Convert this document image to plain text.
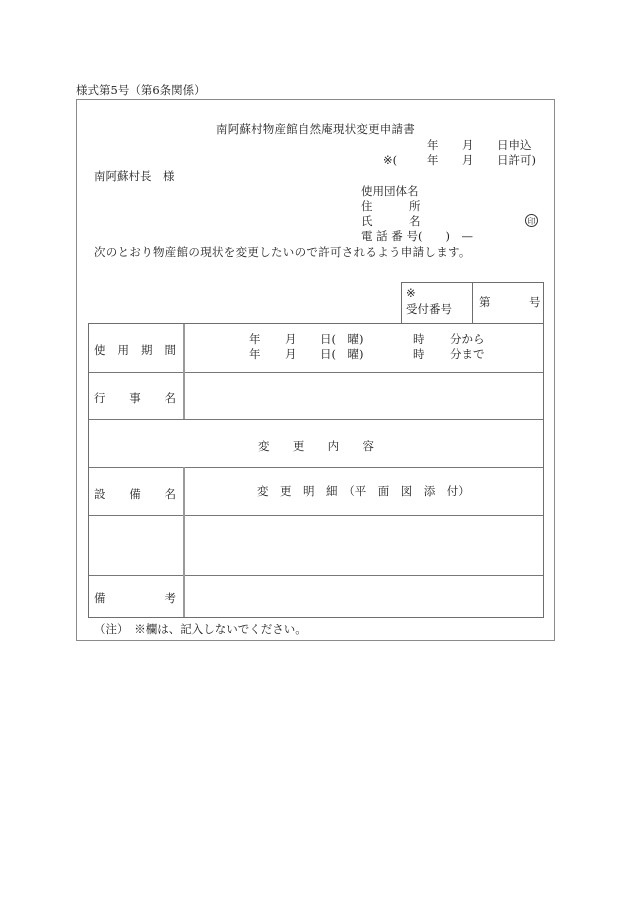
様式第5号（第6条関係）
南阿蘇村物産館自然庵現状変更申請書
年 月 日申込
※(	年 月 日許可)
南阿蘇村長　様
使用団体名
住	所
氏	名	印
電 話 番 号(　　)　—
次のとおり物産館の現状を変更したいので許可されるよう申請します。
※
受付番号 第	号
使 用 期 間
年 月 日(　曜)	時 分から
年 月 日(　曜)	時 分まで
行 事 名
変 更 内 容
設 備 名	変　更　明　細　（平　面　図　添　付）
備	考
（注）　※欄は、記入しないでください。
